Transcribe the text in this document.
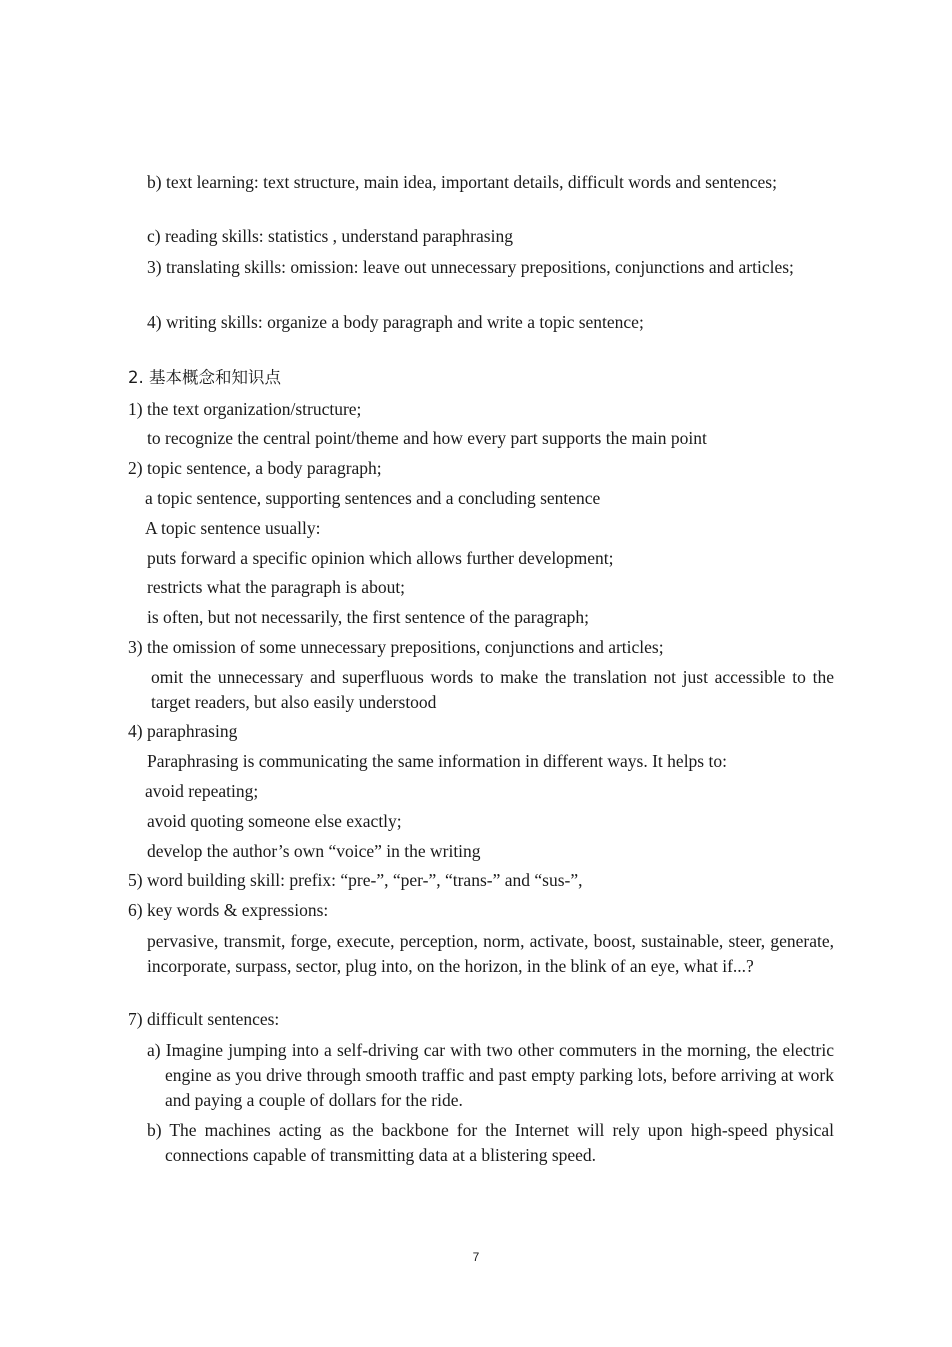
b) text learning: text structure, main idea, important details, difficult words and sentences;
c) reading skills: statistics , understand paraphrasing
3) translating skills: omission: leave out unnecessary prepositions, conjunctions and articles;
4) writing skills: organize a body paragraph and write a topic sentence;
2. 基本概念和知识点
1) the text organization/structure;
to recognize the central point/theme and how every part supports the main point
2) topic sentence, a body paragraph;
a topic sentence, supporting sentences and a concluding sentence
A topic sentence usually:
puts forward a specific opinion which allows further development;
restricts what the paragraph is about;
is often, but not necessarily, the first sentence of the paragraph;
3) the omission of some unnecessary prepositions, conjunctions and articles;
omit the unnecessary and superfluous words to make the translation not just accessible to the target readers, but also easily understood
4) paraphrasing
Paraphrasing is communicating the same information in different ways. It helps to:
avoid repeating;
avoid quoting someone else exactly;
develop the author’s own “voice” in the writing
5) word building skill: prefix: “pre-”, “per-”, “trans-” and “sus-”,
6) key words & expressions:
pervasive, transmit, forge, execute, perception, norm, activate, boost, sustainable, steer, generate, incorporate, surpass, sector, plug into, on the horizon, in the blink of an eye, what if...?
7) difficult sentences:
a) Imagine jumping into a self-driving car with two other commuters in the morning, the electric engine as you drive through smooth traffic and past empty parking lots, before arriving at work and paying a couple of dollars for the ride.
b) The machines acting as the backbone for the Internet will rely upon high-speed physical connections capable of transmitting data at a blistering speed.
7
